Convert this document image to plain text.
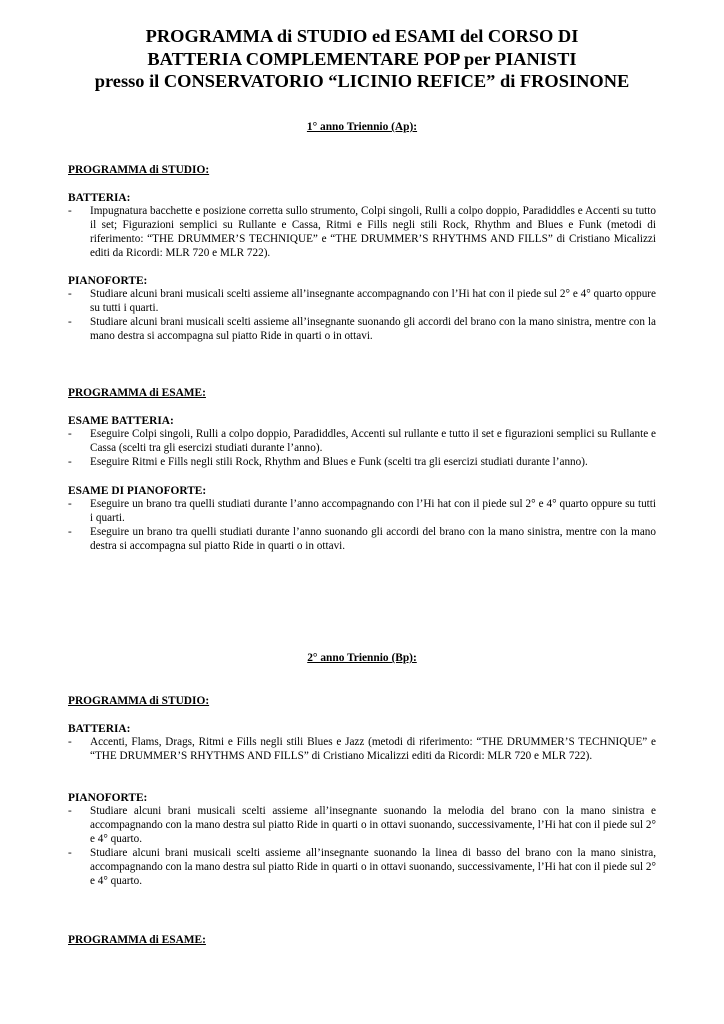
PROGRAMMA di STUDIO ed ESAMI del CORSO DI
BATTERIA COMPLEMENTARE POP per PIANISTI
presso il CONSERVATORIO “LICINIO REFICE” di FROSINONE
1° anno Triennio (Ap):
PROGRAMMA di STUDIO:
BATTERIA:
- Impugnatura bacchette e posizione corretta sullo strumento, Colpi singoli, Rulli a colpo doppio, Paradiddles e Accenti su tutto il set; Figurazioni semplici su Rullante e Cassa, Ritmi e Fills negli stili Rock, Rhythm and Blues e Funk (metodi di riferimento: “THE DRUMMER’S TECHNIQUE” e “THE DRUMMER’S RHYTHMS AND FILLS” di Cristiano Micalizzi editi da Ricordi: MLR 720 e MLR 722).
PIANOFORTE:
- Studiare alcuni brani musicali scelti assieme all’insegnante accompagnando con l’Hi hat con il piede sul 2° e 4° quarto oppure su tutti i quarti.
- Studiare alcuni brani musicali scelti assieme all’insegnante suonando gli accordi del brano con la mano sinistra, mentre con la mano destra si accompagna sul piatto Ride in quarti o in ottavi.
PROGRAMMA di ESAME:
ESAME BATTERIA:
- Eseguire Colpi singoli, Rulli a colpo doppio, Paradiddles, Accenti sul rullante e tutto il set e figurazioni semplici su Rullante e Cassa (scelti tra gli esercizi studiati durante l’anno).
- Eseguire Ritmi e Fills negli stili Rock, Rhythm and Blues e Funk (scelti tra gli esercizi studiati durante l’anno).
ESAME DI PIANOFORTE:
- Eseguire un brano tra quelli studiati durante l’anno accompagnando con l’Hi hat con il piede sul 2° e 4° quarto oppure su tutti i quarti.
- Eseguire un brano tra quelli studiati durante l’anno suonando gli accordi del brano con la mano sinistra, mentre con la mano destra si accompagna sul piatto Ride in quarti o in ottavi.
2° anno Triennio (Bp):
PROGRAMMA di STUDIO:
BATTERIA:
- Accenti, Flams, Drags, Ritmi e Fills negli stili Blues e Jazz (metodi di riferimento: “THE DRUMMER’S TECHNIQUE” e “THE DRUMMER’S RHYTHMS AND FILLS” di Cristiano Micalizzi editi da Ricordi: MLR 720 e MLR 722).
PIANOFORTE:
- Studiare alcuni brani musicali scelti assieme all’insegnante suonando la melodia del brano con la mano sinistra e accompagnando con la mano destra sul piatto Ride in quarti o in ottavi suonando, successivamente, l’Hi hat con il piede sul 2° e 4° quarto.
- Studiare alcuni brani musicali scelti assieme all’insegnante suonando la linea di basso del brano con la mano sinistra, accompagnando con la mano destra sul piatto Ride in quarti o in ottavi suonando, successivamente, l’Hi hat con il piede sul 2° e 4° quarto.
PROGRAMMA di ESAME:
